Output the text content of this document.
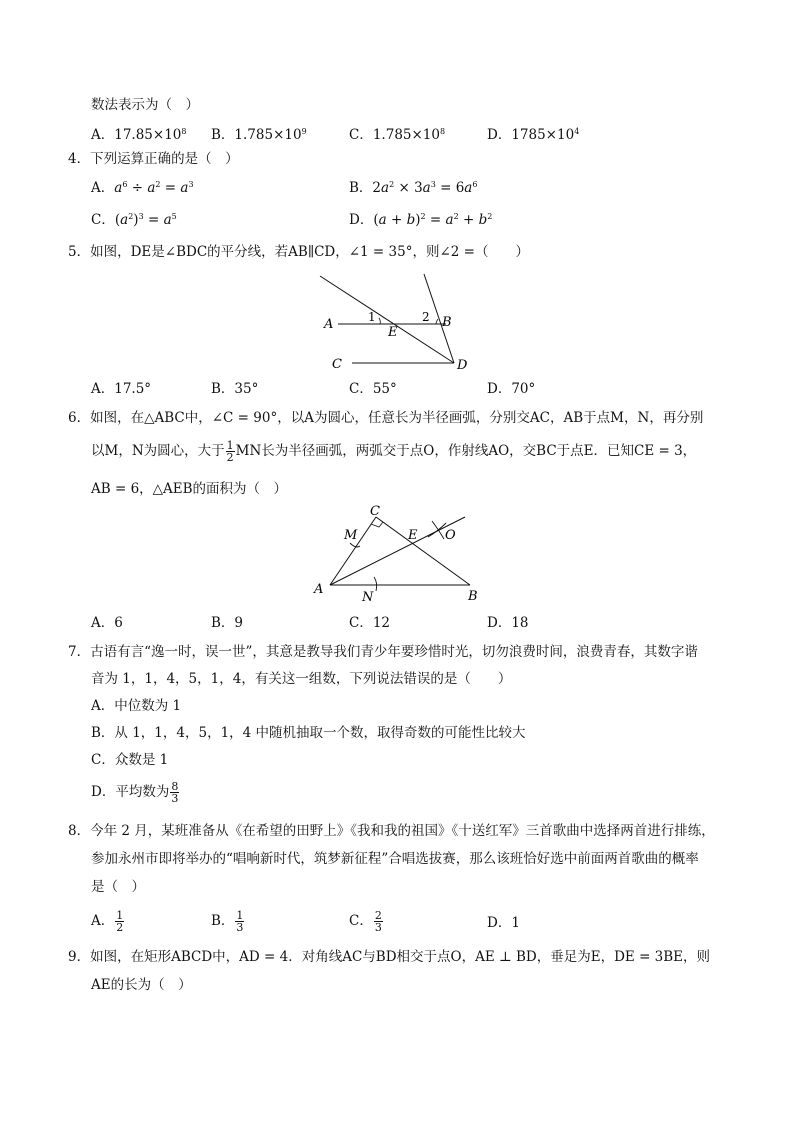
数法表示为（　）
A．$17.85\times 10^8$ B．$1.785\times 10^9$	C．$1.785\times 10^8$	D．$1785\times 10^4$
4．下列运算正确的是（　）
A．$a^6 \div a^2 = a^3$	B．$2a^2 \times 3a^3 = 6a^6$
C．$(a^2)^3 = a^5$	D．$(a + b)^2 = a^2 + b^2$
5．如图，DE是∠BDC的平分线，若AB∥CD，∠1 = 35°，则∠2 =（　　）
A	B
C	D
E
1	2
A．17.5°	B．35°	C．55°	D．70°
6．如图，在△ABC中，∠C = 90°，以A为圆心，任意长为半径画弧，分别交AC，AB于点M，N，再分别
以M，N为圆心，大于 $\frac{1}{2}$ MN长为半径画弧，两弧交于点O，作射线AO，交BC于点E．已知CE = 3，
AB = 6，△AEB的面积为（　）
A	B
C
E
M
N
O
A．6	B．9	C．12	D．18
7．古语有言“逸一时，误一世”，其意是教导我们青少年要珍惜时光，切勿浪费时间，浪费青春，其数字谐
音为 1，1，4，5，1，4，有关这一组数，下列说法错误的是（　　）
A．中位数为 1
B．从 1，1，4，5，1，4 中随机抽取一个数，取得奇数的可能性比较大
C．众数是 1
D．平均数为 $\frac{8}{3}$
8．今年 2 月，某班准备从《在希望的田野上》《我和我的祖国》《十送红军》三首歌曲中选择两首进行排练，
参加永州市即将举办的“唱响新时代，筑梦新征程”合唱选拔赛，那么该班恰好选中前面两首歌曲的概率
是（　）
A． $\frac{1}{2}$	B． $\frac{1}{3}$	C． $\frac{2}{3}$	D．1
9．如图，在矩形ABCD中，AD = 4．对角线AC与BD相交于点O，AE ⊥ BD，垂足为E，DE = 3BE，则
AE的长为（　）
